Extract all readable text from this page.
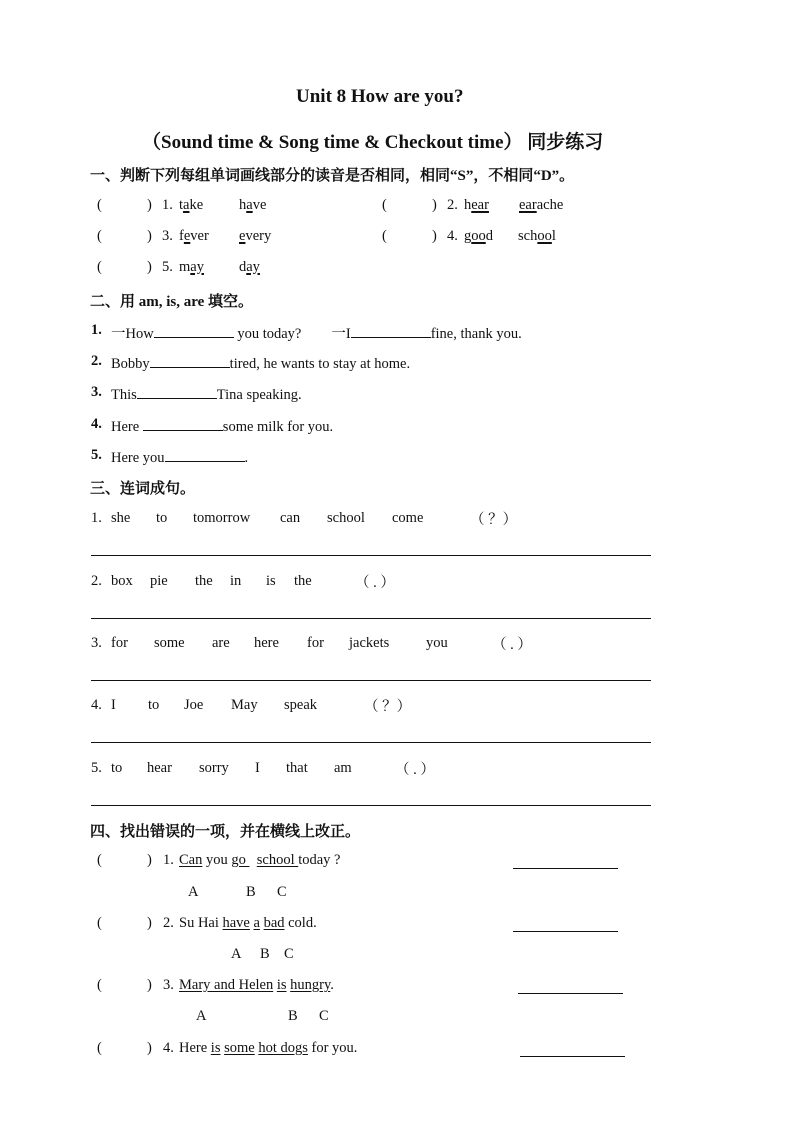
Unit 8 How are you?
（Sound time & Song time & Checkout time） 同步练习
一、判断下列每组单词画线部分的读音是否相同，相同“S”，不相同“D”。
(	) 1. take have	(	) 2. hear earache
(	) 3. fever every	(	) 4. good school
(	) 5. may day
二、用 am, is, are 填空。
1. 一How	you today? 一I	fine, thank you.
2. Bobby	tired, he wants to stay at home.
3. This	Tina speaking.
4. Here	some milk for you.
5. Here you	.
三、连词成句。
1. she to tomorrow can school come	（ ？）
2. box pie the in is the	（ . ）
3. for some are here for jackets	you	（ . ）
4. I to Joe May speak	（ ？）
5. to hear sorry I that am	（ . ）
四、找出错误的一项，并在横线上改正。
(	) 1. Can you go   school today ?
A	B C
(	) 2. Su Hai have a bad cold.
A B C
(	) 3. Mary and Helen is hungry.
A	B C
(	) 4. Here is some hot dogs for you.
